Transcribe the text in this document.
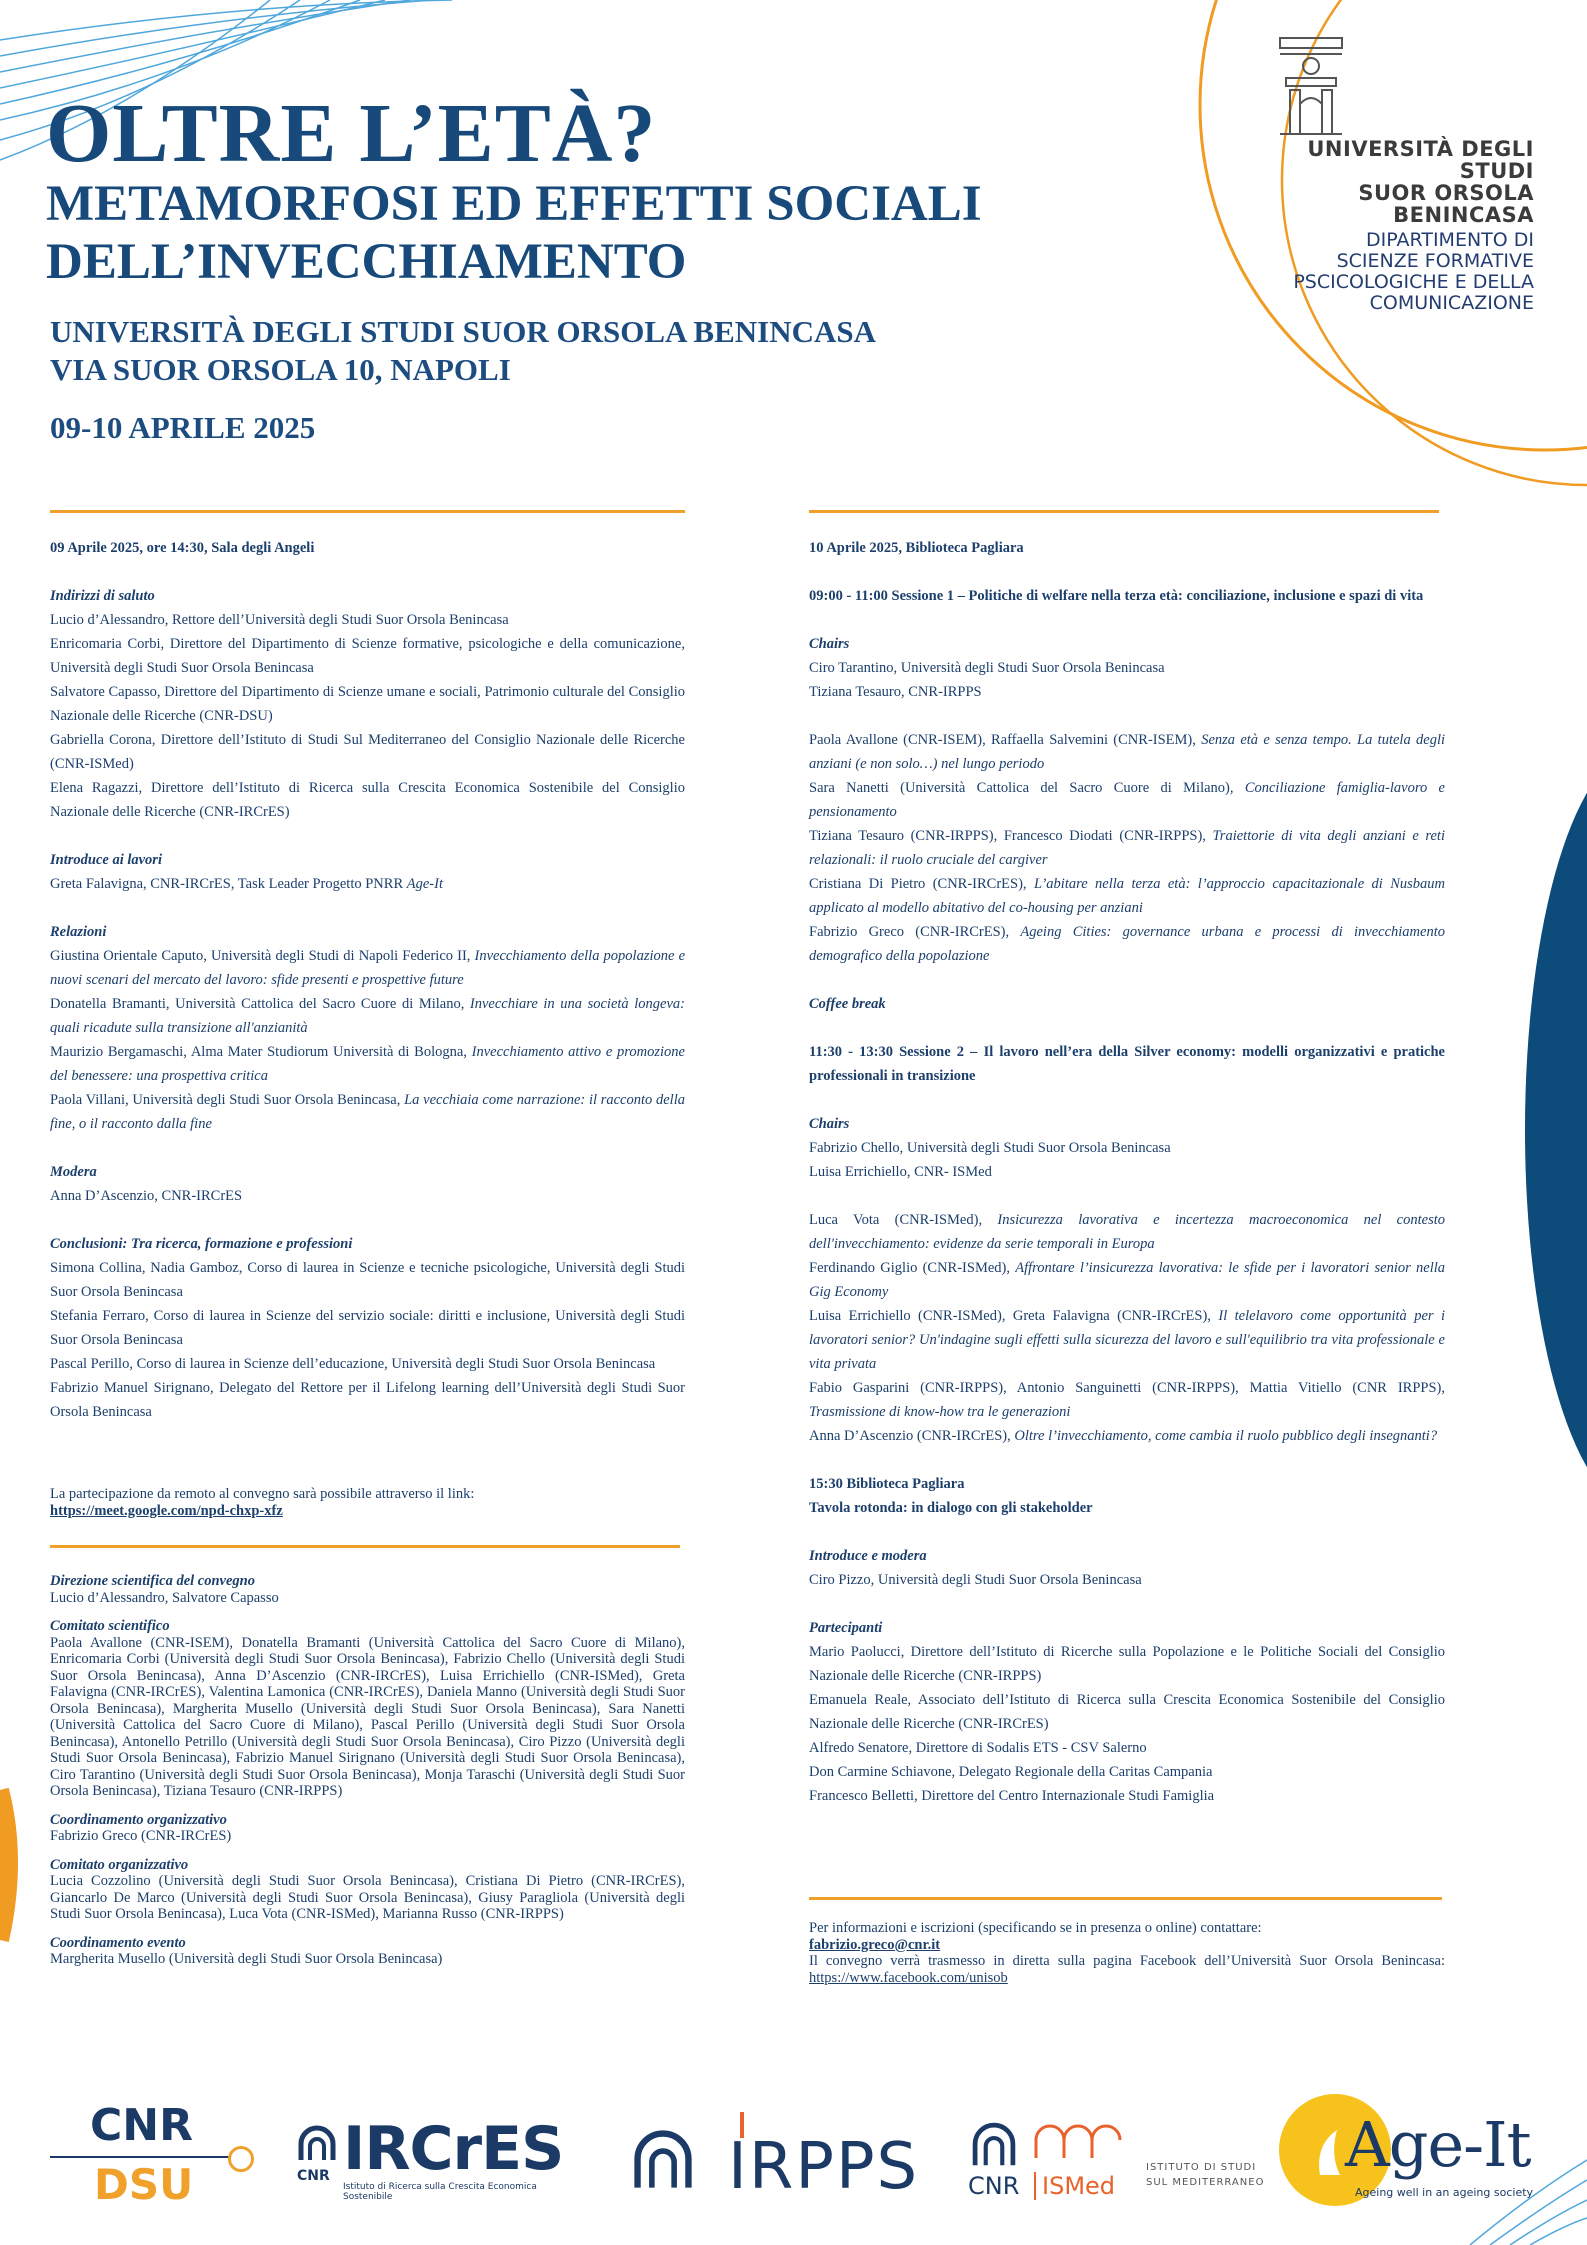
OLTRE L’ETÀ?
METAMORFOSI ED EFFETTI SOCIALI
DELL’INVECCHIAMENTO
UNIVERSITÀ DEGLI STUDI SUOR ORSOLA BENINCASA
VIA SUOR ORSOLA 10, NAPOLI
09-10 APRILE 2025
UNIVERSITÀ DEGLI STUDI
SUOR ORSOLA
BENINCASA
DIPARTIMENTO DI
SCIENZE FORMATIVE
PSCICOLOGICHE E DELLA
COMUNICAZIONE

09 Aprile 2025, ore 14:30, Sala degli Angeli

Indirizzi di saluto

Lucio d’Alessandro, Rettore dell’Università degli Studi Suor Orsola Benincasa

Enricomaria Corbi, Direttore del Dipartimento di Scienze formative, psicologiche e della comunicazione, Università degli Studi Suor Orsola Benincasa

Salvatore Capasso, Direttore del Dipartimento di Scienze umane e sociali, Patrimonio culturale del Consiglio Nazionale delle Ricerche (CNR-DSU)

Gabriella Corona, Direttore dell’Istituto di Studi Sul Mediterraneo del Consiglio Nazionale delle Ricerche (CNR-ISMed)

Elena Ragazzi, Direttore dell’Istituto di Ricerca sulla Crescita Economica Sostenibile del Consiglio Nazionale delle Ricerche (CNR-IRCrES)

Introduce ai lavori

Greta Falavigna, CNR-IRCrES, Task Leader Progetto PNRR Age-It

Relazioni

Giustina Orientale Caputo, Università degli Studi di Napoli Federico II, Invecchiamento della popolazione e nuovi scenari del mercato del lavoro: sfide presenti e prospettive future

Donatella Bramanti, Università Cattolica del Sacro Cuore di Milano, Invecchiare in una società longeva: quali ricadute sulla transizione all'anzianità

Maurizio Bergamaschi, Alma Mater Studiorum Università di Bologna, Invecchiamento attivo e promozione del benessere: una prospettiva critica

Paola Villani, Università degli Studi Suor Orsola Benincasa, La vecchiaia come narrazione: il racconto della fine, o il racconto dalla fine

Modera

Anna D’Ascenzio, CNR-IRCrES

Conclusioni: Tra ricerca, formazione e professioni

Simona Collina, Nadia Gamboz, Corso di laurea in Scienze e tecniche psicologiche, Università degli Studi Suor Orsola Benincasa

Stefania Ferraro, Corso di laurea in Scienze del servizio sociale: diritti e inclusione, Università degli Studi Suor Orsola Benincasa

Pascal Perillo, Corso di laurea in Scienze dell’educazione, Università degli Studi Suor Orsola Benincasa

Fabrizio Manuel Sirignano, Delegato del Rettore per il Lifelong learning dell’Università degli Studi Suor Orsola Benincasa

La partecipazione da remoto al convegno sarà possibile attraverso il link:

https://meet.google.com/npd-chxp-xfz

Direzione scientifica del convegno

Lucio d’Alessandro, Salvatore Capasso

Comitato scientifico

Paola Avallone (CNR-ISEM), Donatella Bramanti (Università Cattolica del Sacro Cuore di Milano), Enricomaria Corbi (Università degli Studi Suor Orsola Benincasa), Fabrizio Chello (Università degli Studi Suor Orsola Benincasa), Anna D’Ascenzio (CNR-IRCrES), Luisa Errichiello (CNR-ISMed), Greta Falavigna (CNR-IRCrES), Valentina Lamonica (CNR-IRCrES), Daniela Manno (Università degli Studi Suor Orsola Benincasa), Margherita Musello (Università degli Studi Suor Orsola Benincasa), Sara Nanetti (Università Cattolica del Sacro Cuore di Milano), Pascal Perillo (Università degli Studi Suor Orsola Benincasa), Antonello Petrillo (Università degli Studi Suor Orsola Benincasa), Ciro Pizzo (Università degli Studi Suor Orsola Benincasa), Fabrizio Manuel Sirignano (Università degli Studi Suor Orsola Benincasa), Ciro Tarantino (Università degli Studi Suor Orsola Benincasa), Monja Taraschi (Università degli Studi Suor Orsola Benincasa), Tiziana Tesauro (CNR-IRPPS)

Coordinamento organizzativo

Fabrizio Greco (CNR-IRCrES)

Comitato organizzativo

Lucia Cozzolino (Università degli Studi Suor Orsola Benincasa), Cristiana Di Pietro (CNR-IRCrES), Giancarlo De Marco (Università degli Studi Suor Orsola Benincasa), Giusy Paragliola (Università degli Studi Suor Orsola Benincasa), Luca Vota (CNR-ISMed), Marianna Russo (CNR-IRPPS)

Coordinamento evento

Margherita Musello (Università degli Studi Suor Orsola Benincasa)

10 Aprile 2025, Biblioteca Pagliara

09:00 - 11:00 Sessione 1 – Politiche di welfare nella terza età: conciliazione, inclusione e spazi di vita

Chairs

Ciro Tarantino, Università degli Studi Suor Orsola Benincasa

Tiziana Tesauro, CNR-IRPPS

Paola Avallone (CNR-ISEM), Raffaella Salvemini (CNR-ISEM), Senza età e senza tempo. La tutela degli anziani (e non solo…) nel lungo periodo

Sara Nanetti (Università Cattolica del Sacro Cuore di Milano), Conciliazione famiglia-lavoro e pensionamento

Tiziana Tesauro (CNR-IRPPS), Francesco Diodati (CNR-IRPPS), Traiettorie di vita degli anziani e reti relazionali: il ruolo cruciale del cargiver

Cristiana Di Pietro (CNR-IRCrES), L’abitare nella terza età: l’approccio capacitazionale di Nusbaum applicato al modello abitativo del co-housing per anziani

Fabrizio Greco (CNR-IRCrES), Ageing Cities: governance urbana e processi di invecchiamento demografico della popolazione

Coffee break

11:30 - 13:30 Sessione 2 – Il lavoro nell’era della Silver economy: modelli organizzativi e pratiche professionali in transizione

Chairs

Fabrizio Chello, Università degli Studi Suor Orsola Benincasa

Luisa Errichiello, CNR- ISMed

Luca Vota (CNR-ISMed), Insicurezza lavorativa e incertezza macroeconomica nel contesto dell'invecchiamento: evidenze da serie temporali in Europa

Ferdinando Giglio (CNR-ISMed), Affrontare l’insicurezza lavorativa: le sfide per i lavoratori senior nella Gig Economy

Luisa Errichiello (CNR-ISMed), Greta Falavigna (CNR-IRCrES), Il telelavoro come opportunità per i lavoratori senior? Un'indagine sugli effetti sulla sicurezza del lavoro e sull'equilibrio tra vita professionale e vita privata

Fabio Gasparini (CNR-IRPPS), Antonio Sanguinetti (CNR-IRPPS), Mattia Vitiello (CNR IRPPS), Trasmissione di know-how tra le generazioni

Anna D’Ascenzio (CNR-IRCrES), Oltre l’invecchiamento, come cambia il ruolo pubblico degli insegnanti?

15:30 Biblioteca Pagliara

Tavola rotonda: in dialogo con gli stakeholder

Introduce e modera

Ciro Pizzo, Università degli Studi Suor Orsola Benincasa

Partecipanti

Mario Paolucci, Direttore dell’Istituto di Ricerche sulla Popolazione e le Politiche Sociali del Consiglio Nazionale delle Ricerche (CNR-IRPPS)

Emanuela Reale, Associato dell’Istituto di Ricerca sulla Crescita Economica Sostenibile del Consiglio Nazionale delle Ricerche (CNR-IRCrES)

Alfredo Senatore, Direttore di Sodalis ETS - CSV Salerno

Don Carmine Schiavone, Delegato Regionale della Caritas Campania

Francesco Belletti, Direttore del Centro Internazionale Studi Famiglia

Per informazioni e iscrizioni (specificando se in presenza o online) contattare:

fabrizio.greco@cnr.it

Il convegno verrà trasmesso in diretta sulla pagina Facebook dell’Università Suor Orsola Benincasa: https://www.facebook.com/unisob

CNR
DSU	CNR IRCrES
Istituto di Ricerca sulla Crescita Economica Sostenibile	IRPPS CNR ISMed
ISTITUTO DI STUDI
SUL MEDITERRANEO
Age-It
Ageing well in an ageing society
